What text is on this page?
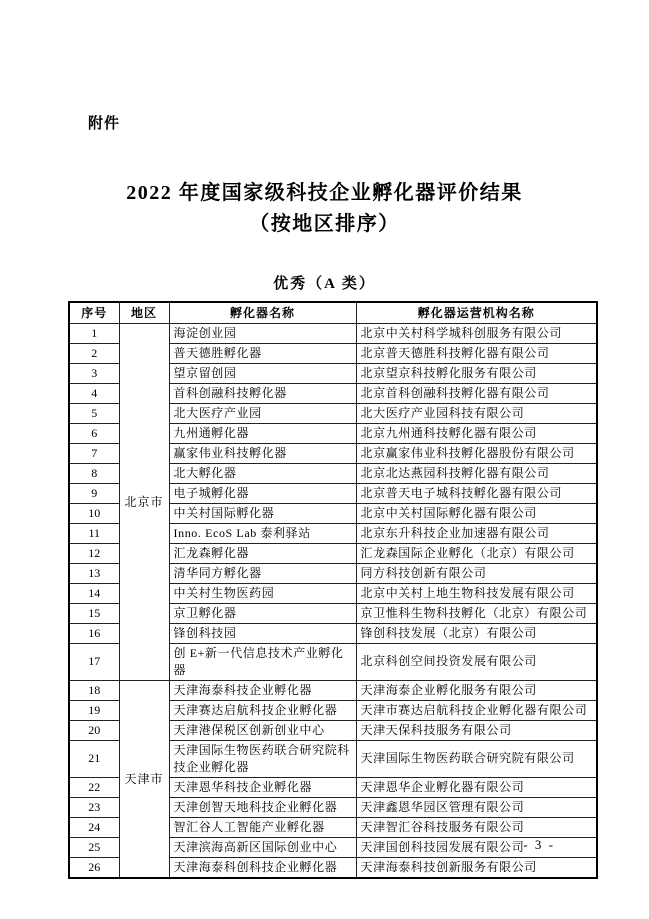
附件
2022 年度国家级科技企业孵化器评价结果
（按地区排序）
优秀（A 类）
序号	地区	孵化器名称	孵化器运营机构名称
1	北京市	海淀创业园	北京中关村科学城科创服务有限公司
2		普天德胜孵化器	北京普天德胜科技孵化器有限公司
3		望京留创园	北京望京科技孵化服务有限公司
4		首科创融科技孵化器	北京首科创融科技孵化器有限公司
5		北大医疗产业园	北大医疗产业园科技有限公司
6		九州通孵化器	北京九州通科技孵化器有限公司
7		赢家伟业科技孵化器	北京赢家伟业科技孵化器股份有限公司
8		北大孵化器	北京北达燕园科技孵化器有限公司
9		电子城孵化器	北京普天电子城科技孵化器有限公司
10		中关村国际孵化器	北京中关村国际孵化器有限公司
11		Inno. EcoS Lab 泰利驿站	北京东升科技企业加速器有限公司
12		汇龙森孵化器	汇龙森国际企业孵化（北京）有限公司
13		清华同方孵化器	同方科技创新有限公司
14		中关村生物医药园	北京中关村上地生物科技发展有限公司
15		京卫孵化器	京卫惟科生物科技孵化（北京）有限公司
16		锋创科技园	锋创科技发展（北京）有限公司
17		创 E+新一代信息技术产业孵化器	北京科创空间投资发展有限公司
18	天津市	天津海泰科技企业孵化器	天津海泰企业孵化服务有限公司
19		天津赛达启航科技企业孵化器	天津市赛达启航科技企业孵化器有限公司
20		天津港保税区创新创业中心	天津天保科技服务有限公司
21		天津国际生物医药联合研究院科技企业孵化器	天津国际生物医药联合研究院有限公司
22		天津恩华科技企业孵化器	天津恩华企业孵化器有限公司
23		天津创智天地科技企业孵化器	天津鑫恩华园区管理有限公司
24		智汇谷人工智能产业孵化器	天津智汇谷科技服务有限公司
25		天津滨海高新区国际创业中心	天津国创科技园发展有限公司
26		天津海泰科创科技企业孵化器	天津海泰科技创新服务有限公司
- 3 -
